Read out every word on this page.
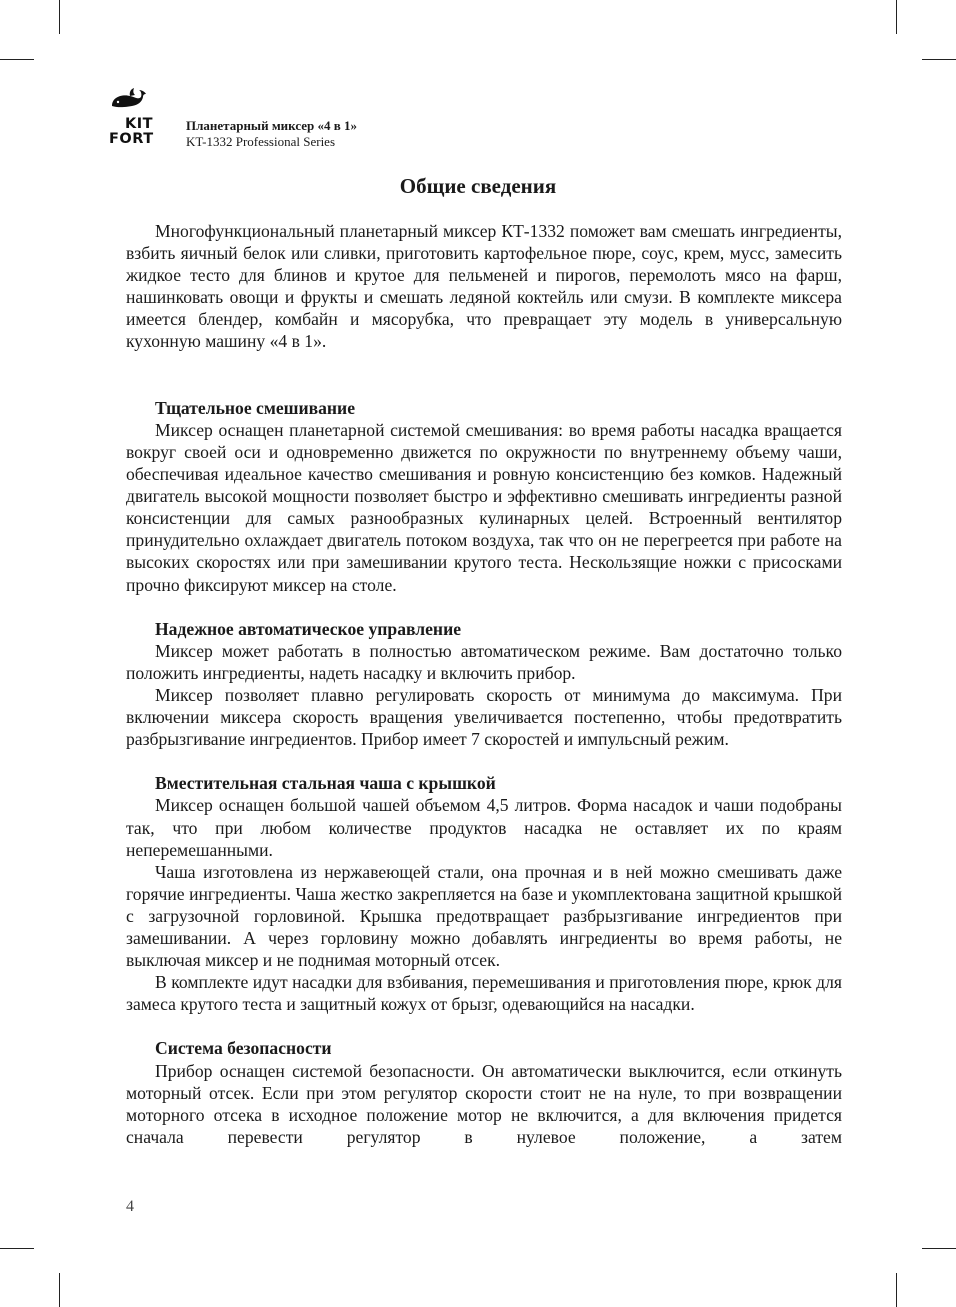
KIT
FORT
Планетарный миксер «4 в 1»
KT-1332 Professional Series
Общие сведения

Многофункциональный планетарный миксер КТ-1332 поможет вам смешать ингредиенты, взбить яичный белок или сливки, приготовить картофельное пюре, соус, крем, мусс, замесить жидкое тесто для блинов и крутое для пельменей и пирогов, перемолоть мясо на фарш, нашинковать овощи и фрукты и смешать ледяной коктейль или смузи. В комплекте миксера имеется блендер, комбайн и мясорубка, что превращает эту модель в универсальную кухонную машину «4 в 1».

Тщательное смешивание

Миксер оснащен планетарной системой смешивания: во время работы насадка вращается вокруг своей оси и одновременно движется по окружности по внутреннему объему чаши, обеспечивая идеальное качество смешивания и ровную консистенцию без комков. Надежный двигатель высокой мощности позволяет быстро и эффективно смешивать ингредиенты разной консистенции для самых разнообразных кулинарных целей. Встроенный вентилятор принудительно охлаждает двигатель потоком воздуха, так что он не перегреется при работе на высоких скоростях или при замешивании крутого теста. Нескользящие ножки с присосками прочно фиксируют миксер на столе.

Надежное автоматическое управление

Миксер может работать в полностью автоматическом режиме. Вам достаточно только положить ингредиенты, надеть насадку и включить прибор.

Миксер позволяет плавно регулировать скорость от минимума до максимума. При включении миксера скорость вращения увеличивается постепенно, чтобы предотвратить разбрызгивание ингредиентов. Прибор имеет 7 скоростей и импульсный режим.

Вместительная стальная чаша с крышкой

Миксер оснащен большой чашей объемом 4,5 литров. Форма насадок и чаши подобраны так, что при любом количестве продуктов насадка не оставляет их по краям неперемешанными.

Чаша изготовлена из нержавеющей стали, она прочная и в ней можно смешивать даже горячие ингредиенты. Чаша жестко закрепляется на базе и укомплектована защитной крышкой с загрузочной горловиной. Крышка предотвращает разбрызгивание ингредиентов при замешивании. А через горловину можно добавлять ингредиенты во время работы, не выключая миксер и не поднимая моторный отсек.

В комплекте идут насадки для взбивания, перемешивания и приготовления пюре, крюк для замеса крутого теста и защитный кожух от брызг, одевающийся на насадки.

Система безопасности

Прибор оснащен системой безопасности. Он автоматически выключится, если откинуть моторный отсек. Если при этом регулятор скорости стоит не на нуле, то при возвращении моторного отсека в исходное положение мотор не включится, а для включения придется сначала перевести регулятор в нулевое положение, а затем

4
